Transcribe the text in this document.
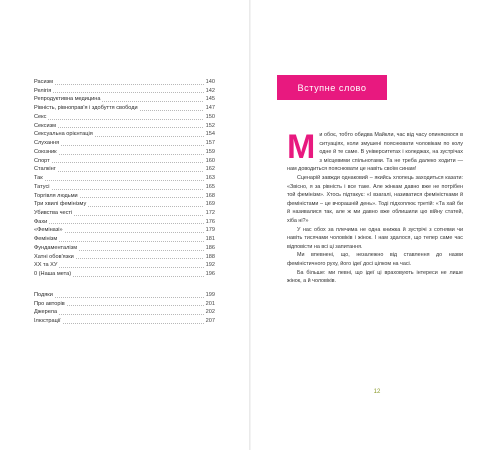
Расизм	140
Релігія	142
Репродуктивна медицина	145
Рівність, рівноправ'я і здобуття свободи	147
Секс	150
Сексизм	152
Сексуальна орієнтація	154
Слухання	157
Союзник	159
Спорт	160
Сталкінг	162
Так	163
Татусі	165
Торгівля людьми	168
Три хвилі фемінізму	169
Убивства честі	172
Фахи	176
«Феміназі»	179
Фемінізм	181
Фундаменталізм	186
Хатні обов'язки	188
ХХ та ХУ	192
0 (Наша мета)	196
Подяки	199
Про авторів	201
Джерела	202
Ілюстрації	207
Вступне слово

Ми обоє, тобто обидва Майкли, час від часу опиняємося в ситуаціях, коли змушені пояснювати чоловікам по колу одне й те саме. В університетах і коледжах, на зустрічах з місцевими спільнотами. Та не треба далеко ходити — нам доводиться пояснювати це навіть своїм синам!

Сценарій завжди однаковий – якийсь хлопець заходиться казати: «Звісно, я за рівність і все таке. Але жінкам давно вже не потрібен той фемінізм». Хтось підтакує: «І взагалі, називатися феміністками й феміністами – це вчорашній день». Тоді підхоплює третій: «Та хай би й називалися так, але ж ми давно вже облишили цю війну статей, хіба ні?»

У нас обох за плечима не одна книжка й зустрічі з сотнями чи навіть тисячами чоловіків і жінок. І нам здалося, що тепер саме час відповісти на всі ці запитання.

Ми впевнені, що, незалежно від ставлення до назви феміністичного руху, його ідеї досі цілком на часі.

Ба більше: ми певні, що ідеї ці враховують інтереси не лише жінок, а й чоловіків.

12
